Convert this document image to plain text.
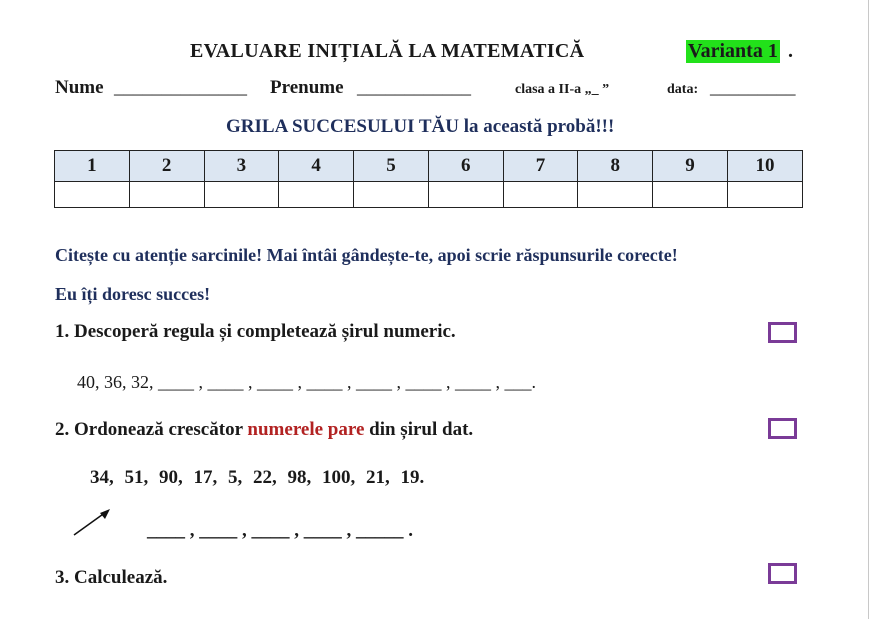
EVALUARE INIȚIALĂ LA MATEMATICĂ	Varianta 1 .
Nume ______________ Prenume ____________	clasa a II-a „_ ”	data: _________
GRILA SUCCESULUI TĂU la această probă!!!
1	2	3	4	5	6	7	8	9	10

Citește cu atenție sarcinile! Mai întâi gândește-te, apoi scrie răspunsurile corecte!
Eu îți doresc succes!
1. Descoperă regula și completează șirul numeric.
40, 36, 32, ____ , ____ , ____ , ____ , ____ , ____ , ____ , ___.
2. Ordonează crescător numerele pare din șirul dat.
34, 51, 90, 17, 5, 22, 98, 100, 21, 19.
____ , ____ , ____ , ____ , _____ .
3. Calculează.
